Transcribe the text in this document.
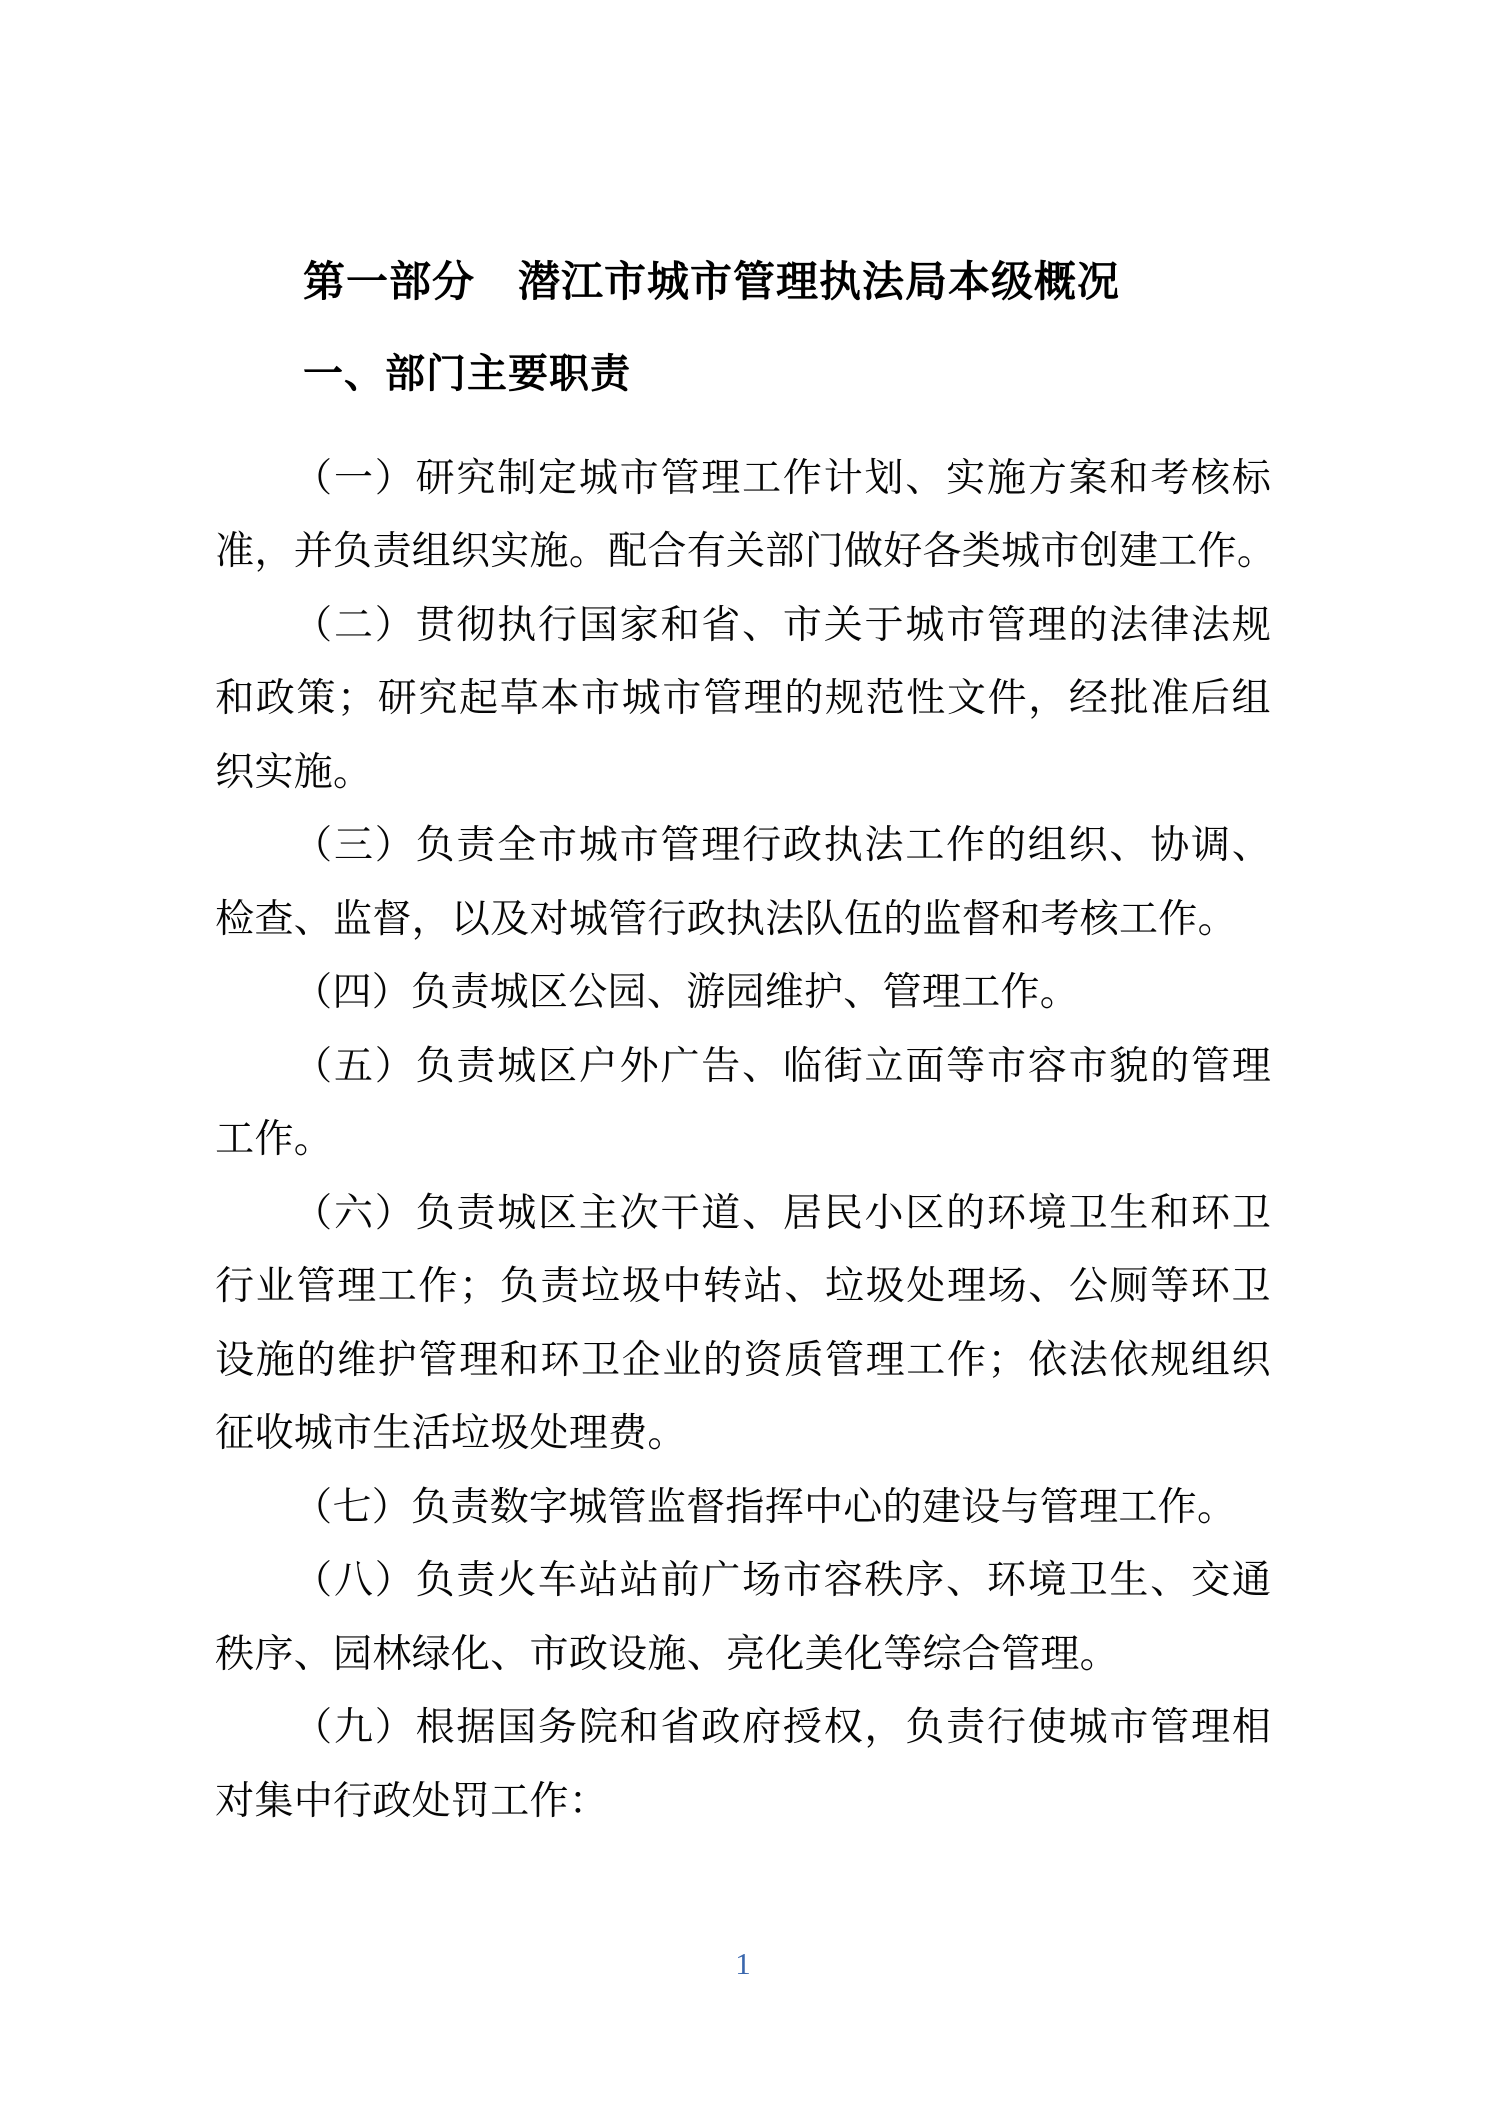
第一部分　潜江市城市管理执法局本级概况
一、部门主要职责
（ 一 ） 研 究 制 定 城 市 管 理 工 作 计 划 、 实 施 方 案 和 考 核 标
准 ， 并 负 责 组 织 实 施 。 配 合 有 关 部 门 做 好 各 类 城 市 创 建 工 作 。
（ 二 ） 贯 彻 执 行 国 家 和 省 、 市 关 于 城 市 管 理 的 法 律 法 规
和 政 策 ； 研 究 起 草 本 市 城 市 管 理 的 规 范 性 文 件 ， 经 批 准 后 组
织 实 施 。
（ 三 ） 负 责 全 市 城 市 管 理 行 政 执 法 工 作 的 组 织 、 协 调 、
检 查 、 监 督 ， 以 及 对 城 管 行 政 执 法 队 伍 的 监 督 和 考 核 工 作 。
（ 四 ） 负 责 城 区 公 园 、 游 园 维 护 、 管 理 工 作 。
（ 五 ） 负 责 城 区 户 外 广 告 、 临 街 立 面 等 市 容 市 貌 的 管 理
工 作 。
（ 六 ） 负 责 城 区 主 次 干 道 、 居 民 小 区 的 环 境 卫 生 和 环 卫
行 业 管 理 工 作 ； 负 责 垃 圾 中 转 站 、 垃 圾 处 理 场 、 公 厕 等 环 卫
设 施 的 维 护 管 理 和 环 卫 企 业 的 资 质 管 理 工 作 ； 依 法 依 规 组 织
征 收 城 市 生 活 垃 圾 处 理 费 。
（ 七 ） 负 责 数 字 城 管 监 督 指 挥 中 心 的 建 设 与 管 理 工 作 。
（ 八 ） 负 责 火 车 站 站 前 广 场 市 容 秩 序 、 环 境 卫 生 、 交 通
秩 序 、 园 林 绿 化 、 市 政 设 施 、 亮 化 美 化 等 综 合 管 理 。
（ 九 ） 根 据 国 务 院 和 省 政 府 授 权 ， 负 责 行 使 城 市 管 理 相
对 集 中 行 政 处 罚 工 作 ：
1
